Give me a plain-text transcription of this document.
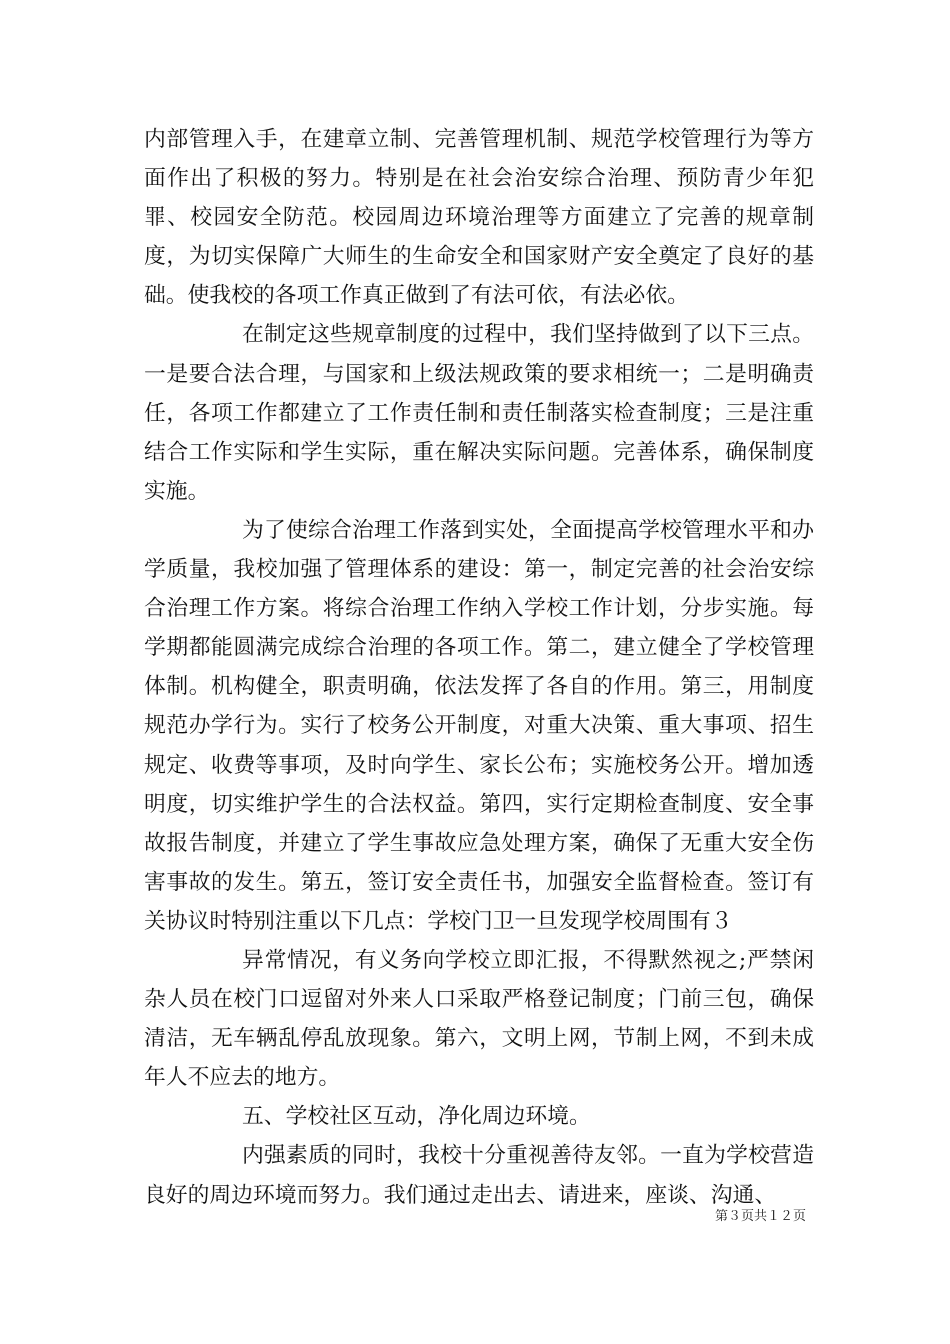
内部管理入手，在建章立制、完善管理机制、规范学校管理行为等方面作出了积极的努力。特别是在社会治安综合治理、预防青少年犯罪、校园安全防范。校园周边环境治理等方面建立了完善的规章制度，为切实保障广大师生的生命安全和国家财产安全奠定了良好的基础。使我校的各项工作真正做到了有法可依，有法必依。

在制定这些规章制度的过程中，我们坚持做到了以下三点。一是要合法合理，与国家和上级法规政策的要求相统一；二是明确责任，各项工作都建立了工作责任制和责任制落实检查制度；三是注重结合工作实际和学生实际，重在解决实际问题。完善体系，确保制度实施。

为了使综合治理工作落到实处，全面提高学校管理水平和办学质量，我校加强了管理体系的建设：第一，制定完善的社会治安综合治理工作方案。将综合治理工作纳入学校工作计划，分步实施。每学期都能圆满完成综合治理的各项工作。第二，建立健全了学校管理体制。机构健全，职责明确，依法发挥了各自的作用。第三，用制度规范办学行为。实行了校务公开制度，对重大决策、重大事项、招生规定、收费等事项，及时向学生、家长公布；实施校务公开。增加透明度，切实维护学生的合法权益。第四，实行定期检查制度、安全事故报告制度，并建立了学生事故应急处理方案，确保了无重大安全伤害事故的发生。第五，签订安全责任书，加强安全监督检查。签订有关协议时特别注重以下几点：学校门卫一旦发现学校周围有３

异常情况，有义务向学校立即汇报，不得默然视之;严禁闲杂人员在校门口逗留对外来人口采取严格登记制度；门前三包，确保清洁，无车辆乱停乱放现象。第六，文明上网，节制上网，不到未成年人不应去的地方。

五、学校社区互动，净化周边环境。

内强素质的同时，我校十分重视善待友邻。一直为学校营造良好的周边环境而努力。我们通过走出去、请进来，座谈、沟通、

第３页共１２页
